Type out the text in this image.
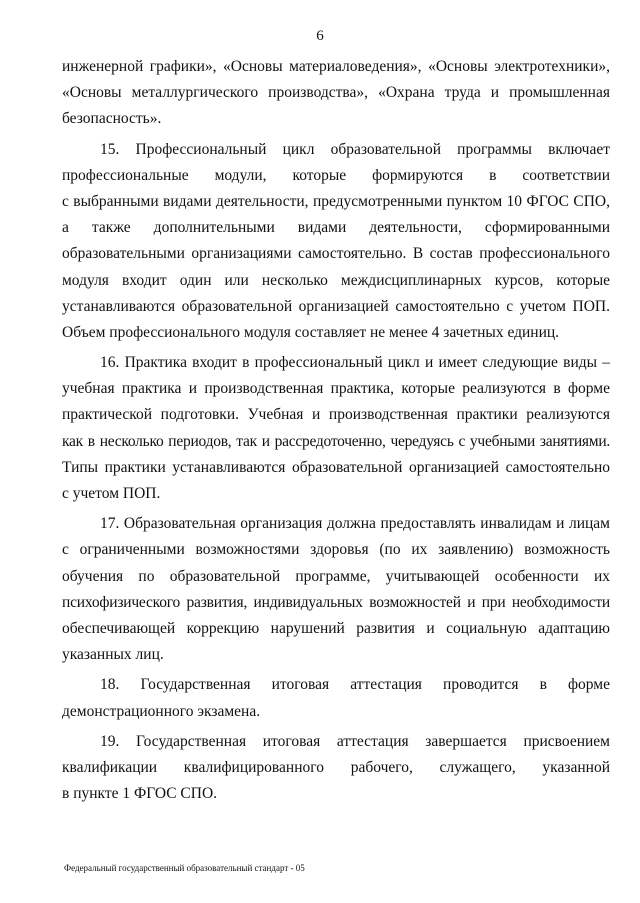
6
инженерной графики», «Основы материаловедения», «Основы электротехники»,
«Основы металлургического производства», «Охрана труда и промышленная
безопасность».
15. Профессиональный цикл образовательной программы включает
профессиональные модули, которые формируются в соответствии
с выбранными видами деятельности, предусмотренными пунктом 10 ФГОС СПО,
а также дополнительными видами деятельности, сформированными
образовательными организациями самостоятельно. В состав профессионального
модуля входит один или несколько междисциплинарных курсов, которые
устанавливаются образовательной организацией самостоятельно с учетом ПОП.
Объем профессионального модуля составляет не менее 4 зачетных единиц.
16. Практика входит в профессиональный цикл и имеет следующие виды –
учебная практика и производственная практика, которые реализуются в форме
практической подготовки. Учебная и производственная практики реализуются
как в несколько периодов, так и рассредоточенно, чередуясь с учебными занятиями.
Типы практики устанавливаются образовательной организацией самостоятельно
с учетом ПОП.
17. Образовательная организация должна предоставлять инвалидам и лицам
с ограниченными возможностями здоровья (по их заявлению) возможность
обучения по образовательной программе, учитывающей особенности их
психофизического развития, индивидуальных возможностей и при необходимости
обеспечивающей коррекцию нарушений развития и социальную адаптацию
указанных лиц.
18. Государственная итоговая аттестация проводится в форме
демонстрационного экзамена.
19. Государственная итоговая аттестация завершается присвоением
квалификации квалифицированного рабочего, служащего, указанной
в пункте 1 ФГОС СПО.
Федеральный государственный образовательный стандарт - 05
